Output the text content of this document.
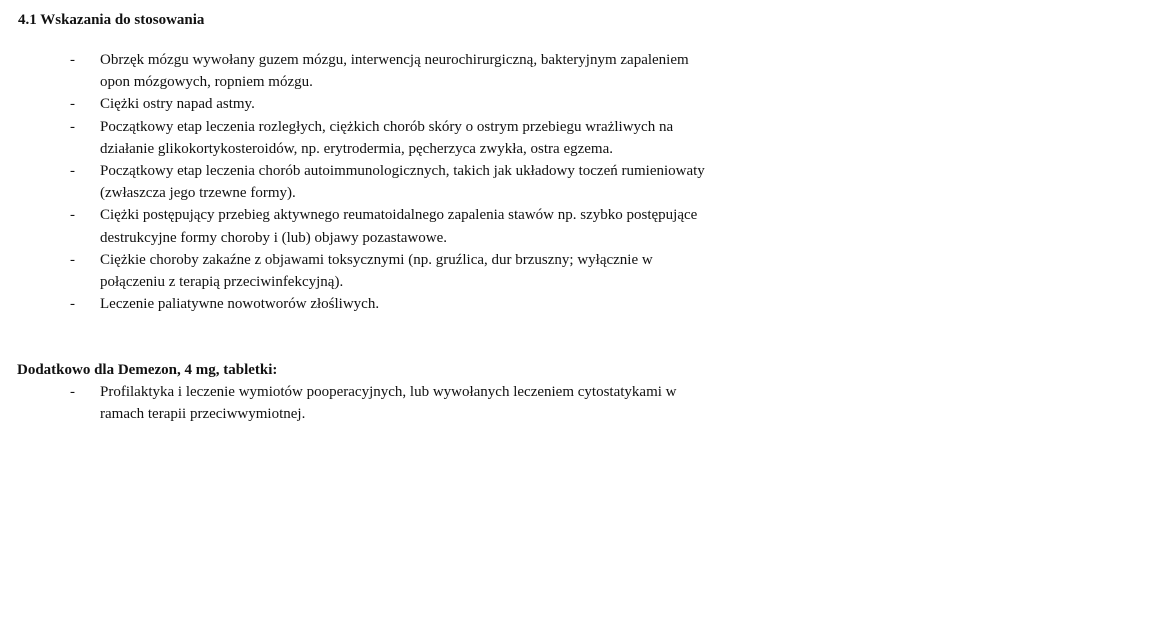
4.1 Wskazania do stosowania

-	Obrzęk mózgu wywołany guzem mózgu, interwencją neurochirurgiczną, bakteryjnym zapaleniem opon mózgowych, ropniem mózgu.
-	Ciężki ostry napad astmy.
-	Początkowy etap leczenia rozległych, ciężkich chorób skóry o ostrym przebiegu wrażliwych na działanie glikokortykosteroidów, np. erytrodermia, pęcherzyca zwykła, ostra egzema.
-	Początkowy etap leczenia chorób autoimmunologicznych, takich jak układowy toczeń rumieniowaty (zwłaszcza jego trzewne formy).
-	Ciężki postępujący przebieg aktywnego reumatoidalnego zapalenia stawów np. szybko postępujące destrukcyjne formy choroby i (lub) objawy pozastawowe.
-	Ciężkie choroby zakaźne z objawami toksycznymi (np. gruźlica, dur brzuszny; wyłącznie w połączeniu z terapią przeciwinfekcyjną).
-	Leczenie paliatywne nowotworów złośliwych.

Dodatkowo dla Demezon, 4 mg, tabletki:

-	Profilaktyka i leczenie wymiotów pooperacyjnych, lub wywołanych leczeniem cytostatykami w ramach terapii przeciwwymiotnej.
